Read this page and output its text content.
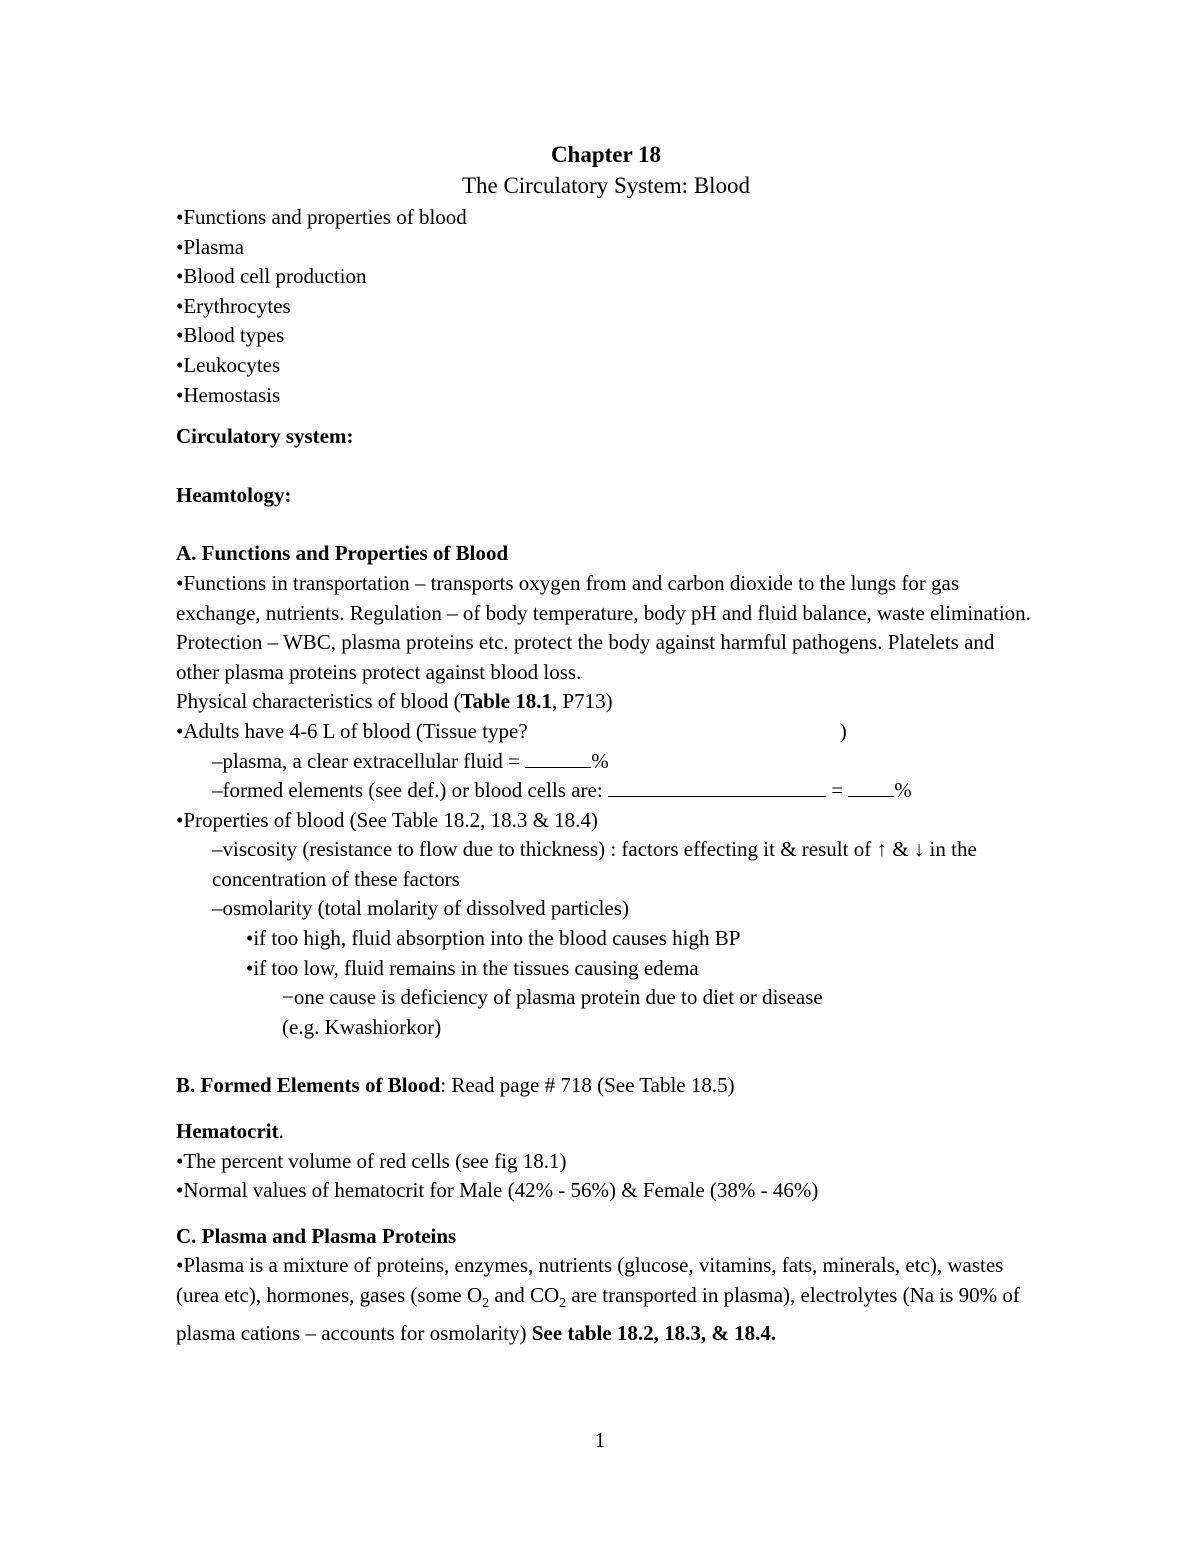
Chapter 18
The Circulatory System: Blood
•Functions and properties of blood
•Plasma
•Blood cell production
•Erythrocytes
•Blood types
•Leukocytes
•Hemostasis
Circulatory system:
Heamtology:
A. Functions and Properties of Blood
•Functions in transportation – transports oxygen from and carbon dioxide to the lungs for gas exchange, nutrients. Regulation – of body temperature, body pH and fluid balance, waste elimination. Protection – WBC, plasma proteins etc. protect the body against harmful pathogens. Platelets and other plasma proteins protect against blood loss.
Physical characteristics of blood (Table 18.1, P713)
•Adults have 4-6 L of blood (Tissue type?	)
–plasma, a clear extracellular fluid =	%
–formed elements (see def.) or blood cells are:	= %
•Properties of blood (See Table 18.2, 18.3 & 18.4)
–viscosity (resistance to flow due to thickness) : factors effecting it & result of ↑ & ↓ in the concentration of these factors
–osmolarity (total molarity of dissolved particles)
•if too high, fluid absorption into the blood causes high BP
•if too low, fluid remains in the tissues causing edema
−one cause is deficiency of plasma protein due to diet or disease (e.g. Kwashiorkor)
B. Formed Elements of Blood: Read page # 718 (See Table 18.5)
Hematocrit.
•The percent volume of red cells (see fig 18.1)
•Normal values of hematocrit for Male (42% - 56%) & Female (38% - 46%)
C. Plasma and Plasma Proteins
•Plasma is a mixture of proteins, enzymes, nutrients (glucose, vitamins, fats, minerals, etc), wastes (urea etc), hormones, gases (some $O_2$ and $CO_2$ are transported in plasma), electrolytes (Na is 90% of plasma cations – accounts for osmolarity) See table 18.2, 18.3, & 18.4.
1
